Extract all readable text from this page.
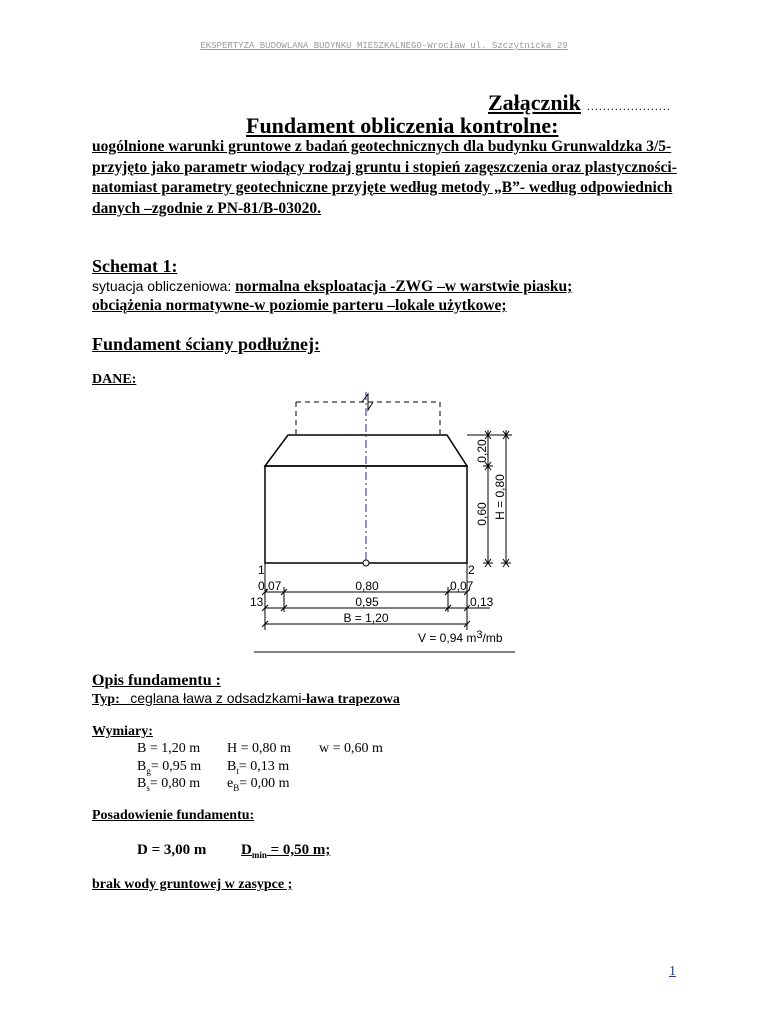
EKSPERTYZA BUDOWLANA BUDYNKU MIESZKALNEGO-Wrocław ul. Szczytnicka 29
Załącznik …………………
Fundament obliczenia kontrolne:
uogólnione warunki gruntowe z badań geotechnicznych dla budynku Grunwaldzka 3/5-przyjęto jako parametr wiodący rodzaj gruntu i stopień zagęszczenia oraz plastyczności-natomiast parametry geotechniczne przyjęte według metody „B”- według odpowiednich danych –zgodnie z PN-81/B-03020.
Schemat 1:
sytuacja obliczeniowa: normalna eksploatacja -ZWG –w warstwie piasku;
obciążenia normatywne-w poziomie parteru –lokale użytkowe;
Fundament ściany podłużnej:
DANE:
0,20
0,60 H = 0,80
1	2
0,07	0,80	0,07
13	0,95	0,13
B = 1,20
V = 0,94 m3/mb
Opis fundamentu :
Typ: ceglana ława z odsadzkami-ława trapezowa
Wymiary:
B = 1,20 m H = 0,80 m w = 0,60 m
$B_g= 0,95$ m $B_t= 0,13$ m
$B_s= 0,80$ m $e_B= 0,00$ m
Posadowienie fundamentu:
D = 3,00 m $D_{min} = 0,50$ m;
brak wody gruntowej w zasypce ;
1
